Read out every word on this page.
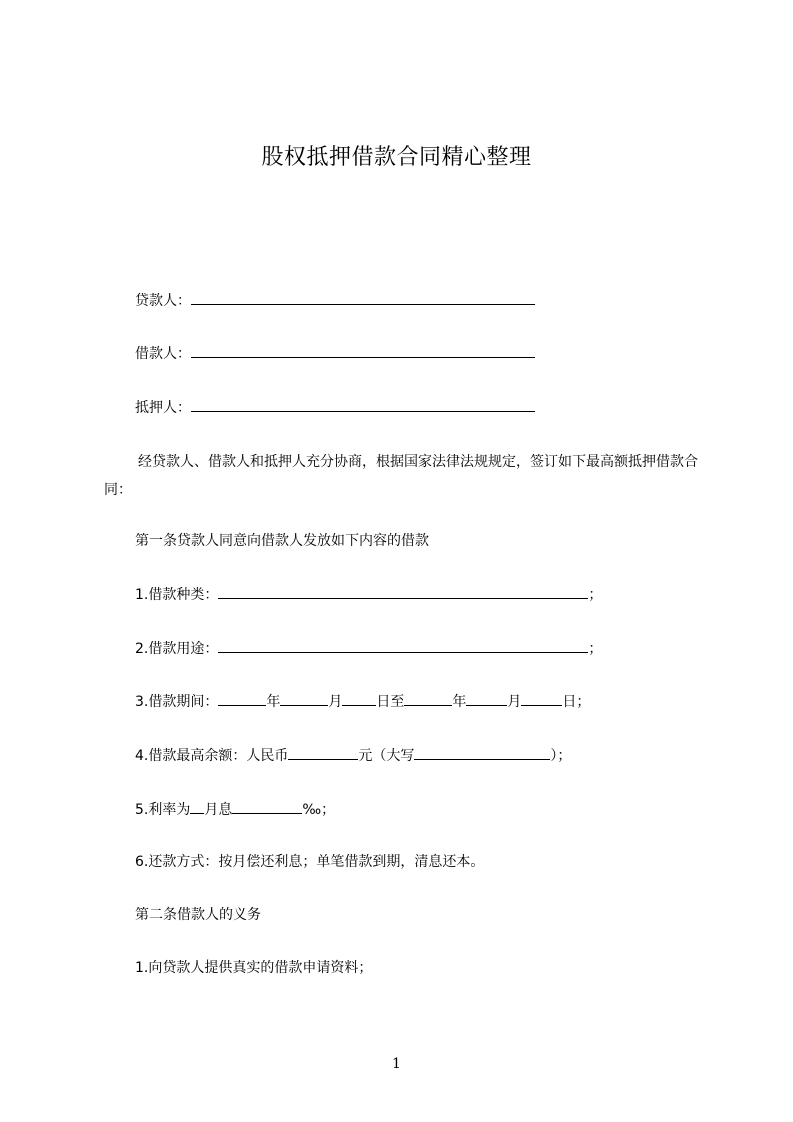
股权抵押借款合同精心整理
贷款人：
借款人：
抵押人：
经贷款人、借款人和抵押人充分协商，根据国家法律法规规定，签订如下最高额抵押借款合同：
第一条贷款人同意向借款人发放如下内容的借款
1.借款种类：	；
2.借款用途：	；
3.借款期间：	年	月 日至	年	月	日；
4.借款最高余额：人民币	元（大写	）；
5.利率为 月息	‰；
6.还款方式：按月偿还利息；单笔借款到期，清息还本。
第二条借款人的义务
1.向贷款人提供真实的借款申请资料；
1
